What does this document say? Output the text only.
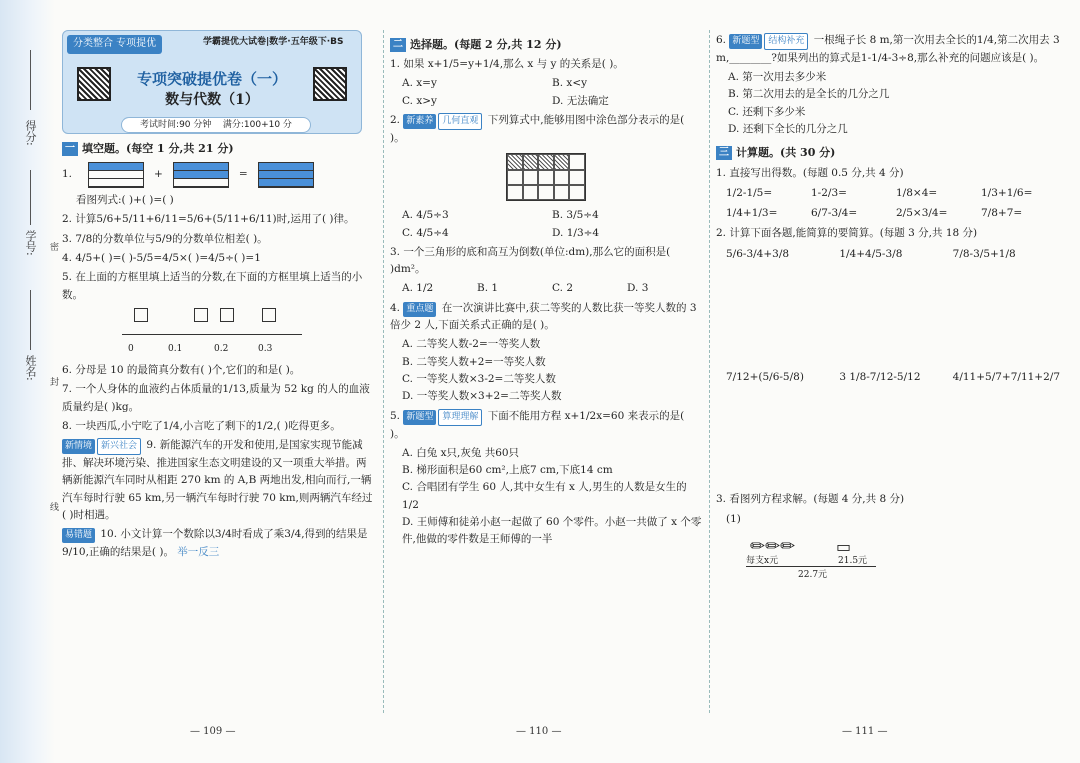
得分:
学号:
姓名:
密
封
线
分类整合 专项提优	学霸提优大试卷|数学·五年级下·BS
专项突破提优卷（一）
数与代数（1）
考试时间:90 分钟 满分:100+10 分
一 填空题。(每空 1 分,共 21 分)
1.	+	=
看图列式:( )+( )=( )
2. 计算5/6+5/11+6/11=5/6+(5/11+6/11)时,运用了( )律。
3. 7/8的分数单位与5/9的分数单位相差( )。
4. 4/5+( )=( )-5/5=4/5×( )=4/5÷( )=1
5. 在上面的方框里填上适当的分数,在下面的方框里填上适当的小数。
0	0.1	0.2	0.3
6. 分母是 10 的最简真分数有( )个,它们的和是( )。
7. 一个人身体的血液约占体质量的1/13,质量为 52 kg 的人的血液质量约是( )kg。
8. 一块西瓜,小宁吃了1/4,小言吃了剩下的1/2,( )吃得更多。
新情境 新兴社会 9. 新能源汽车的开发和使用,是国家实现节能减排、解决环境污染、推进国家生态文明建设的又一项重大举措。两辆新能源汽车同时从相距 270 km 的 A,B 两地出发,相向而行,一辆汽车每时行驶 65 km,另一辆汽车每时行驶 70 km,则两辆汽车经过( )时相遇。
易错题 10. 小文计算一个数除以3/4时看成了乘3/4,得到的结果是9/10,正确的结果是( )。 举一反三
二 选择题。(每题 2 分,共 12 分)
1. 如果 x+1/5=y+1/4,那么 x 与 y 的关系是( )。
A. x=y	B. x<y
C. x>y	D. 无法确定
2. 新素养 几何直观 下列算式中,能够用图中涂色部分表示的是( )。
A. 4/5÷3	B. 3/5÷4
C. 4/5÷4	D. 1/3÷4
3. 一个三角形的底和高互为倒数(单位:dm),那么它的面积是( )dm²。
A. 1/2	B. 1	C. 2	D. 3
4. 重点题 在一次演讲比赛中,获二等奖的人数比获一等奖人数的 3 倍少 2 人,下面关系式正确的是( )。
A. 二等奖人数-2=一等奖人数
B. 二等奖人数+2=一等奖人数
C. 一等奖人数×3-2=二等奖人数
D. 一等奖人数×3+2=二等奖人数
5. 新题型 算理理解 下面不能用方程 x+1/2x=60 来表示的是( )。
A. 白兔 x只,灰兔 共60只
B. 梯形面积是60 cm²,上底7 cm,下底14 cm
C. 合唱团有学生 60 人,其中女生有 x 人,男生的人数是女生的1/2
D. 王师傅和徒弟小赵一起做了 60 个零件。小赵一共做了 x 个零件,他做的零件数是王师傅的一半
6. 新题型 结构补充 一根绳子长 8 m,第一次用去全长的1/4,第二次用去 3 m,________?如果列出的算式是1-1/4-3÷8,那么补充的问题应该是( )。
A. 第一次用去多少米
B. 第二次用去的是全长的几分之几
C. 还剩下多少米
D. 还剩下全长的几分之几
三 计算题。(共 30 分)
1. 直接写出得数。(每题 0.5 分,共 4 分)
1/2-1/5=	1-2/3=	1/8×4=	1/3+1/6=
1/4+1/3=	6/7-3/4=	2/5×3/4=	7/8+7=
2. 计算下面各题,能简算的要简算。(每题 3 分,共 18 分)
5/6-3/4+3/8	1/4+4/5-3/8	7/8-3/5+1/8
7/12+(5/6-5/8)	3 1/8-7/12-5/12	4/11+5/7+7/11+2/7
3. 看图列方程求解。(每题 4 分,共 8 分)
(1)
✏✏✏	▭
每支x元	21.5元
22.7元
— 109 —	— 110 —	— 111 —
